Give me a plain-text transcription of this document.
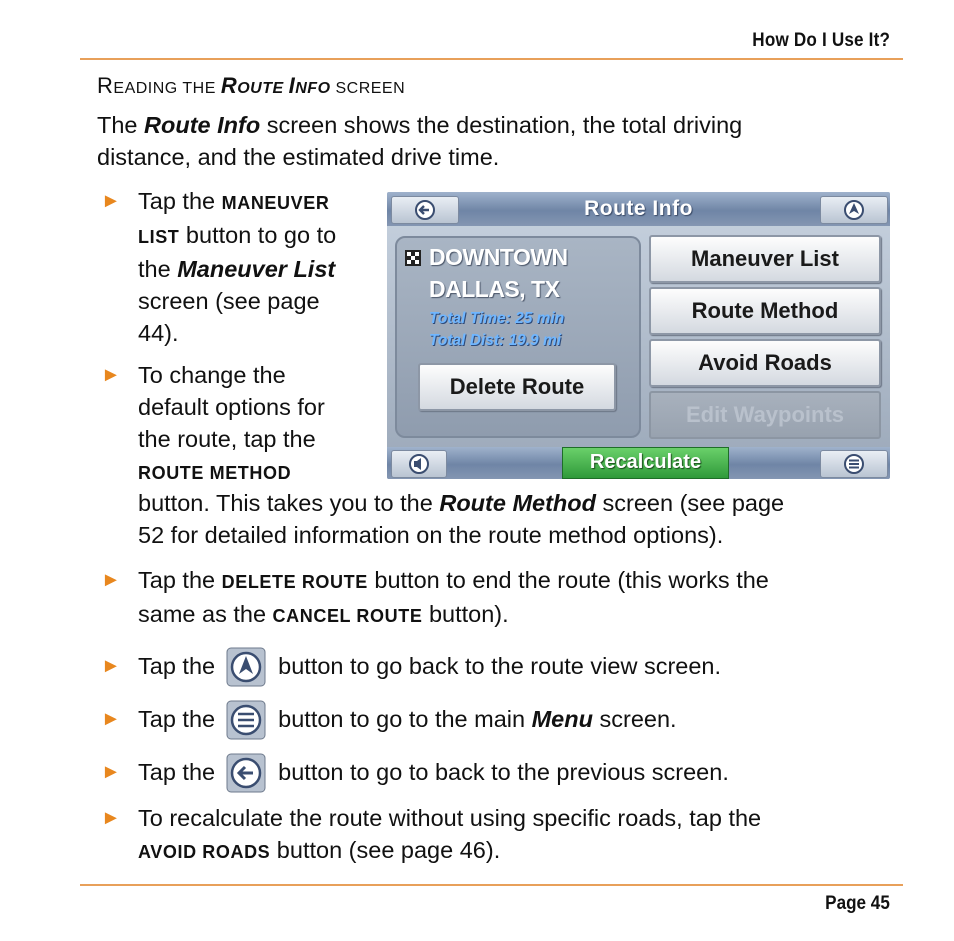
How Do I Use It?
READING THE ROUTE INFO SCREEN
The Route Info screen shows the destination, the total driving
distance, and the estimated drive time.
► Tap the MANEUVER
LIST button to go to
the Maneuver List
screen (see page
44).
► To change the
default options for
the route, tap the
ROUTE METHOD
button. This takes you to the Route Method screen (see page
52 for detailed information on the route method options).
Route Info
DOWNTOWN
DALLAS, TX
Total Time: 25 min
Total Dist: 19.9 mi
Delete Route
Maneuver List
Route Method
Avoid Roads
Edit Waypoints
Recalculate
► Tap the DELETE ROUTE button to end the route (this works the
same as the CANCEL ROUTE button).
► Tap the  button to go back to the route view screen.
► Tap the  button to go to the main Menu screen.
► Tap the  button to go to back to the previous screen.
► To recalculate the route without using specific roads, tap the
AVOID ROADS button (see page 46).
Page 45
